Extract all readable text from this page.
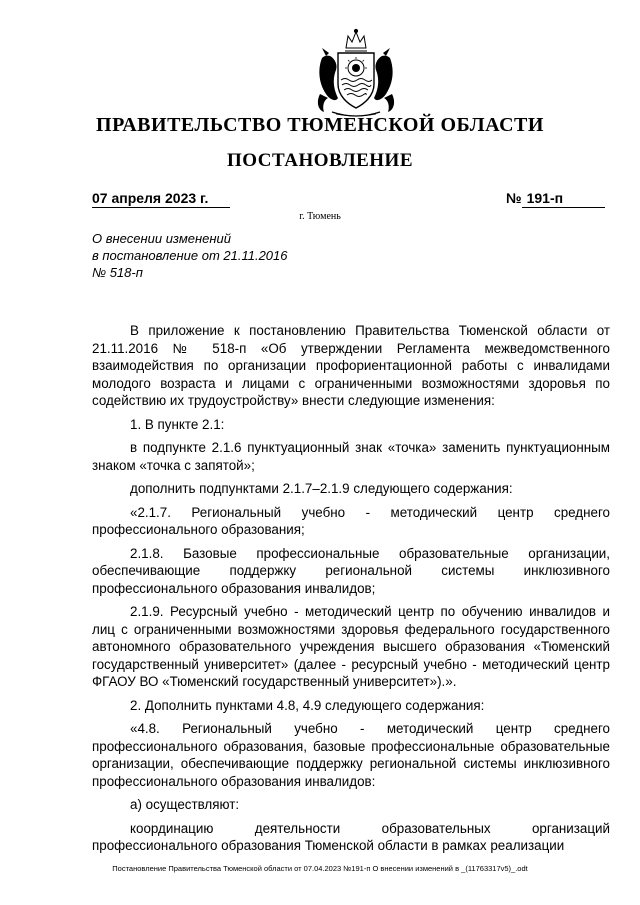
ПРАВИТЕЛЬСТВО ТЮМЕНСКОЙ ОБЛАСТИ
ПОСТАНОВЛЕНИЕ
07 апреля 2023 г.	№ 191-п
г. Тюмень
О внесении изменений
в постановление от 21.11.2016
№ 518-п

В приложение к постановлению Правительства Тюменской области от 21.11.2016 № 518-п «Об утверждении Регламента межведомственного взаимодействия по организации профориентационной работы с инвалидами молодого возраста и лицами с ограниченными возможностями здоровья по содействию их трудоустройству» внести следующие изменения:

1. В пункте 2.1:

в подпункте 2.1.6 пунктуационный знак «точка» заменить пунктуационным знаком «точка с запятой»;

дополнить подпунктами 2.1.7–2.1.9 следующего содержания:

«2.1.7. Региональный учебно - методический центр среднего профессионального образования;

2.1.8. Базовые профессиональные образовательные организации, обеспечивающие поддержку региональной системы инклюзивного профессионального образования инвалидов;

2.1.9. Ресурсный учебно - методический центр по обучению инвалидов и лиц с ограниченными возможностями здоровья федерального государственного автономного образовательного учреждения высшего образования «Тюменский государственный университет» (далее - ресурсный учебно - методический центр ФГАОУ ВО «Тюменский государственный университет»).».

2. Дополнить пунктами 4.8, 4.9 следующего содержания:

«4.8. Региональный учебно - методический центр среднего профессионального образования, базовые профессиональные образовательные организации, обеспечивающие поддержку региональной системы инклюзивного профессионального образования инвалидов:

а) осуществляют:

координацию деятельности образовательных организаций профессионального образования Тюменской области в рамках реализации

Постановление Правительства Тюменской области от 07.04.2023 №191-п О внесении изменений в _(11763317v5)_.odt
